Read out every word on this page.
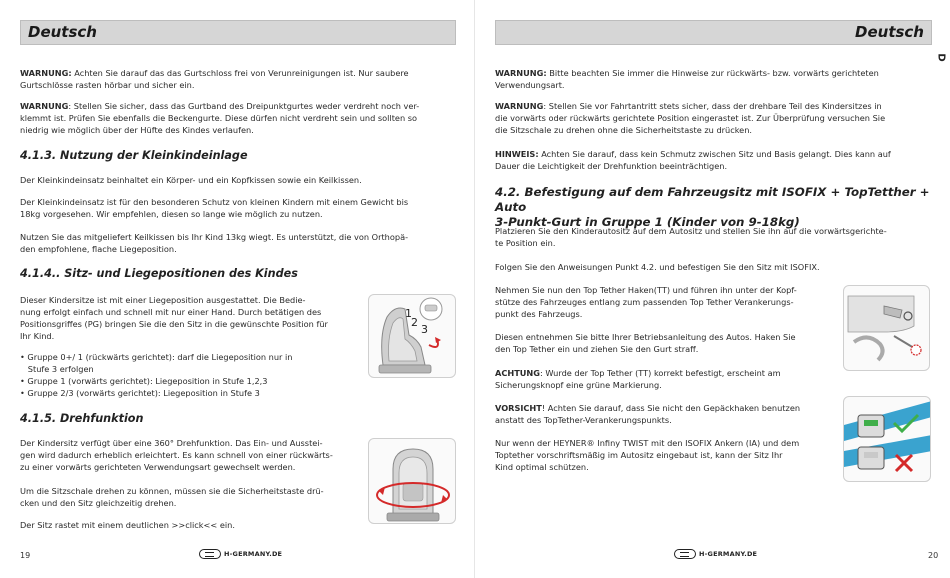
Deutsch
WARNUNG: Achten Sie darauf das das Gurtschloss frei von Verunreinigungen ist. Nur saubere
Gurtschlösse rasten hörbar und sicher ein.
WARNUNG: Stellen Sie sicher, dass das Gurtband des Dreipunktgurtes weder verdreht noch ver-
klemmt ist. Prüfen Sie ebenfalls die Beckengurte. Diese dürfen nicht verdreht sein und sollten so
niedrig wie möglich über der Hüfte des Kindes verlaufen.
4.1.3. Nutzung der Kleinkindeinlage
Der Kleinkindeinsatz beinhaltet ein Körper- und ein Kopfkissen sowie ein Keilkissen.
Der Kleinkindeinsatz ist für den besonderen Schutz von kleinen Kindern mit einem Gewicht bis
18kg vorgesehen. Wir empfehlen, diesen so lange wie möglich zu nutzen.
Nutzen Sie das mitgeliefert Keilkissen bis Ihr Kind 13kg wiegt. Es unterstützt, die von Orthopä-
den empfohlene, flache Liegeposition.
4.1.4.. Sitz- und Liegepositionen des Kindes
Dieser Kindersitze ist mit einer Liegeposition ausgestattet. Die Bedie-
nung erfolgt einfach und schnell mit nur einer Hand. Durch betätigen des
Positionsgriffes (PG) bringen Sie die den Sitz in die gewünschte Position für
Ihr Kind.
• Gruppe 0+/ 1 (rückwärts gerichtet): darf die Liegeposition nur in
Stufe 3 erfolgen
• Gruppe 1 (vorwärts gerichtet): Liegeposition in Stufe 1,2,3
• Gruppe 2/3 (vorwärts gerichtet): Liegeposition in Stufe 3
1
2
3
4.1.5. Drehfunktion
Der Kindersitz verfügt über eine 360° Drehfunktion. Das Ein- und Ausstei-
gen wird dadurch erheblich erleichtert. Es kann schnell von einer rückwärts-
zu einer vorwärts gerichteten Verwendungsart gewechselt werden.
Um die Sitzschale drehen zu können, müssen sie die Sicherheitstaste drü-
cken und den Sitz gleichzeitig drehen.
Der Sitz rastet mit einem deutlichen >>click<< ein.
19	H-GERMANY.DE
Deutsch
WARNUNG: Bitte beachten Sie immer die Hinweise zur rückwärts- bzw. vorwärts gerichteten
Verwendungsart.
WARNUNG: Stellen Sie vor Fahrtantritt stets sicher, dass der drehbare Teil des Kindersitzes in
die vorwärts oder rückwärts gerichtete Position eingerastet ist. Zur Überprüfung versuchen Sie
die Sitzschale zu drehen ohne die Sicherheitstaste zu drücken.
HINWEIS: Achten Sie darauf, dass kein Schmutz zwischen Sitz und Basis gelangt. Dies kann auf
Dauer die Leichtigkeit der Drehfunktion beeinträchtigen.
4.2. Befestigung auf dem Fahrzeugsitz mit ISOFIX + TopTetther + Auto
3-Punkt-Gurt in Gruppe 1 (Kinder von 9-18kg)
Platzieren Sie den Kinderautositz auf dem Autositz und stellen Sie ihn auf die vorwärtsgerichte-
te Position ein.
Folgen Sie den Anweisungen Punkt 4.2. und befestigen Sie den Sitz mit ISOFIX.
Nehmen Sie nun den Top Tether Haken(TT) und führen ihn unter der Kopf-
stütze des Fahrzeuges entlang zum passenden Top Tether Verankerungs-
punkt des Fahrzeugs.
Diesen entnehmen Sie bitte Ihrer Betriebsanleitung des Autos. Haken Sie
den Top Tether ein und ziehen Sie den Gurt straff.
ACHTUNG: Wurde der Top Tether (TT) korrekt befestigt, erscheint am
Sicherungsknopf eine grüne Markierung.
VORSICHT! Achten Sie darauf, dass Sie nicht den Gepäckhaken benutzen
anstatt des TopTether-Verankerungspunkts.
Nur wenn der HEYNER® Infiny TWIST mit den ISOFIX Ankern (IA) und dem
Toptether vorschriftsmäßig im Autositz eingebaut ist, kann der Sitz Ihr
Kind optimal schützen.
20
H-GERMANY.DE
D
